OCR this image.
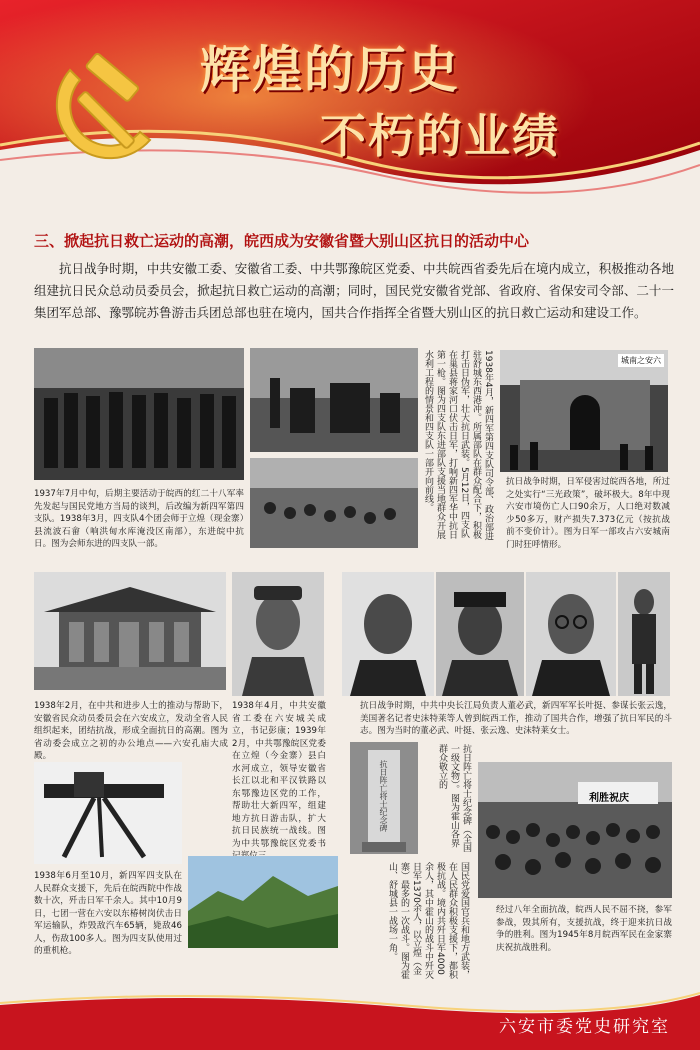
辉煌的历史
不朽的业绩
三、掀起抗日救亡运动的高潮，皖西成为安徽省暨大别山区抗日的活动中心
抗日战争时期，中共安徽工委、安徽省工委、中共鄂豫皖区党委、中共皖西省委先后在境内成立，积极推动各地组建抗日民众总动员委员会，掀起抗日救亡运动的高潮；同时，国民党安徽省党部、省政府、省保安司令部、二十一集团军总部、豫鄂皖苏鲁游击兵团总部也驻在境内，国共合作指挥全省暨大别山区的抗日救亡运动和建设工作。
1937年7月中旬，后期主要活动于皖西的红二十八军率先发起与国民党地方当局的谈判，后改编为新四军第四支队。1938年3月，四支队4个团会师于立煌（现金寨）县流波石畲（响洪甸水库淹没区南部），东进皖中抗日。图为会师东进的四支队一部。
1938年4月，新四军第四支队司令部、政治部进驻舒城东西港冲。所属部队在群众配合下，积极打击日伪军，壮大抗日武装。5月12日，四支队在巢县蒋家河口伏击日军，打响新四军华中抗日第一枪。图为四支队东进部队支援当地群众开展水利工程的情景和四支队一部开向前线。	城南之安六
抗日战争时期，日军侵害过皖西各地，所过之处实行“三光政策”，破坏极大。8年中现六安市境伤亡人口90余万，人口绝对数减少50多万，财产损失7.373亿元（按抗战前不变价计）。图为日军一部攻占六安城南门时狂呼情形。
1938年2月，在中共和进步人士的推动与帮助下，安徽省民众动员委员会在六安成立，发动全省人民组织起来，团结抗战，形成全面抗日的高潮。图为省动委会成立之初的办公地点——六安孔庙大成殿。
1938年4月，中共安徽省工委在六安城关成立，书记彭康；1939年2月，中共鄂豫皖区党委在立煌（今金寨）县白水河成立，领导安徽省长江以北和平汉铁路以东鄂豫边区党的工作，帮助壮大新四军，组建地方抗日游击队，扩大抗日民族统一战线。图为中共鄂豫皖区党委书
抗日战争时期，中共中央长江局负责人董必武，新四军军长叶挺、参谋长张云逸，美国著名记者史沫特莱等人曾到皖西工作，推动了国共合作，增强了抗日军民的斗志。图为当时的董必武、叶挺、张云逸、史沫特莱女士。
1938年6月至10月，新四军四支队在人民群众支援下，先后在皖西院中作战数十次，歼击日军千余人。其中10月9日，七团一营在六安以东椿树岗伏击日军运输队，炸毁敌汽车65辆，毙敌46人，伤敌100多人。图为四支队使用过的重机枪。
抗日阵亡将士纪念碑	抗日阵亡将士纪念碑（全国一级文物）。图为霍山各界群众敬立的
国民党爱国官兵和地方武装，在人民群众积极支援下，都积极抗战。境内共歼日军4000余人，其中霍山的战斗中歼灭日军1370余人，以立煌（金寨）最多的一次战斗。图为霍山、舒城县一战场一角。
利胜祝庆
经过八年全面抗战，皖西人民不屈不挠，参军参战，毁其所有，支援抗战，终于迎来抗日战争的胜利。图为1945年8月皖西军民在金家寨庆祝抗战胜利。
六安市委党史研究室
